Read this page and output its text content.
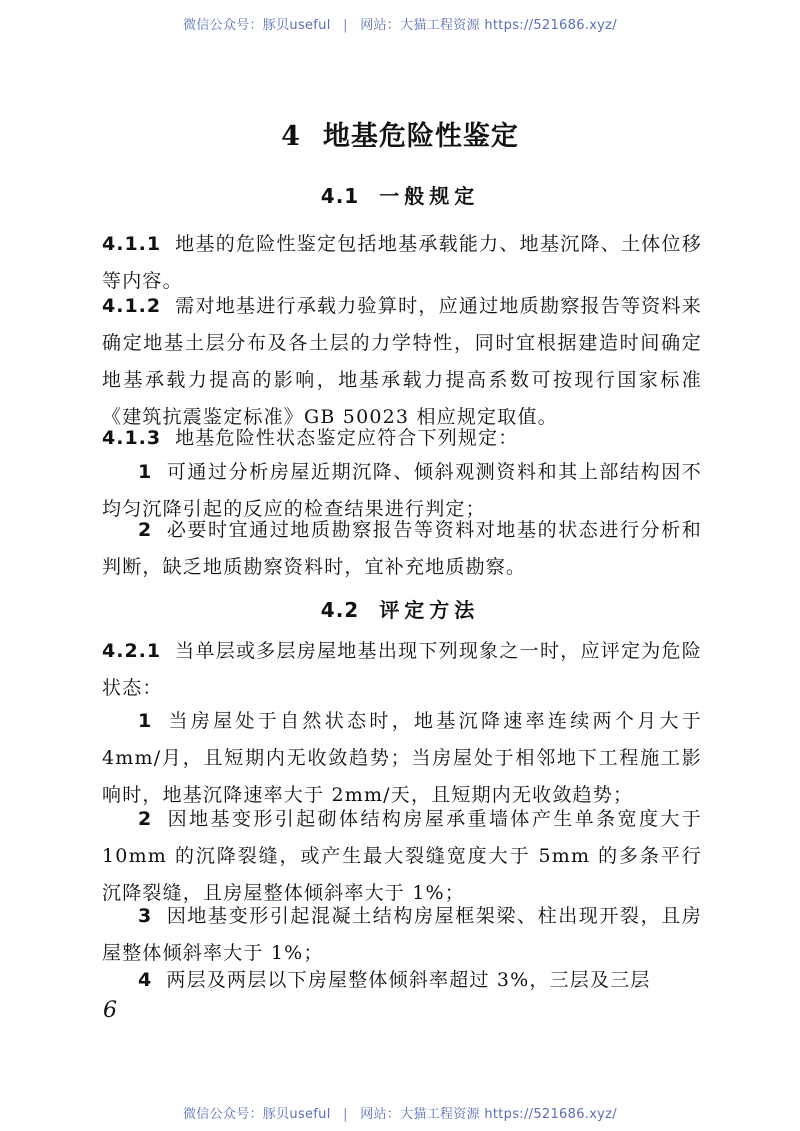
微信公众号：豚贝useful | 网站：大猫工程资源 https://521686.xyz/
4 地基危险性鉴定
4.1 一般规定
4.1.1 地基的危险性鉴定包括地基承载能力、地基沉降、土体位移等内容。
4.1.2 需对地基进行承载力验算时，应通过地质勘察报告等资料来确定地基土层分布及各土层的力学特性，同时宜根据建造时间确定地基承载力提高的影响，地基承载力提高系数可按现行国家标准《建筑抗震鉴定标准》GB 50023 相应规定取值。
4.1.3 地基危险性状态鉴定应符合下列规定：
1 可通过分析房屋近期沉降、倾斜观测资料和其上部结构因不均匀沉降引起的反应的检查结果进行判定；
2 必要时宜通过地质勘察报告等资料对地基的状态进行分析和判断，缺乏地质勘察资料时，宜补充地质勘察。
4.2 评定方法
4.2.1 当单层或多层房屋地基出现下列现象之一时，应评定为危险状态：
1 当房屋处于自然状态时，地基沉降速率连续两个月大于4mm/月，且短期内无收敛趋势；当房屋处于相邻地下工程施工影响时，地基沉降速率大于 2mm/天，且短期内无收敛趋势；
2 因地基变形引起砌体结构房屋承重墙体产生单条宽度大于 10mm 的沉降裂缝，或产生最大裂缝宽度大于 5mm 的多条平行沉降裂缝，且房屋整体倾斜率大于 1%；
3 因地基变形引起混凝土结构房屋框架梁、柱出现开裂，且房屋整体倾斜率大于 1%；
4 两层及两层以下房屋整体倾斜率超过 3%，三层及三层
6
微信公众号：豚贝useful | 网站：大猫工程资源 https://521686.xyz/
